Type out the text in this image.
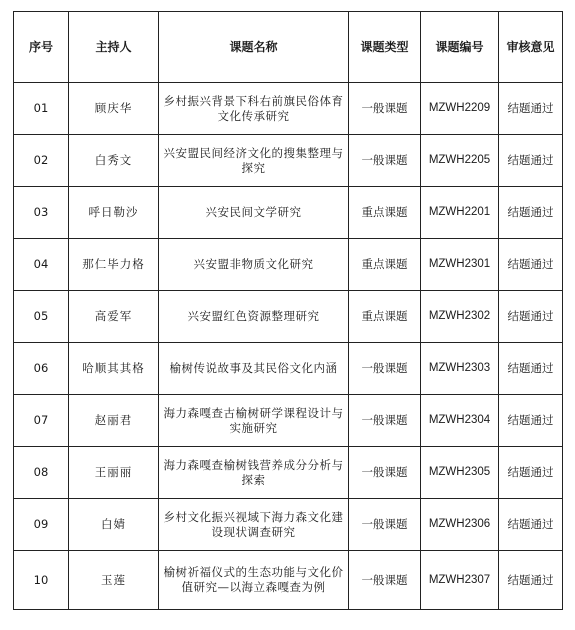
序号	主持人	课题名称	课题类型	课题编号	审核意见
01	顾庆华	乡村振兴背景下科右前旗民俗体育文化传承研究	一般课题	MZWH2209	结题通过
02	白秀文	兴安盟民间经济文化的搜集整理与探究	一般课题	MZWH2205	结题通过
03	呼日勒沙	兴安民间文学研究	重点课题	MZWH2201	结题通过
04	那仁毕力格	兴安盟非物质文化研究	重点课题	MZWH2301	结题通过
05	高爱军	兴安盟红色资源整理研究	重点课题	MZWH2302	结题通过
06	哈顺其其格	榆树传说故事及其民俗文化内涵	一般课题	MZWH2303	结题通过
07	赵丽君	海力森嘎查古榆树研学课程设计与实施研究	一般课题	MZWH2304	结题通过
08	王丽丽	海力森嘎查榆树钱营养成分分析与探索	一般课题	MZWH2305	结题通过
09	白婧	乡村文化振兴视域下海力森文化建设现状调查研究	一般课题	MZWH2306	结题通过
10	玉莲	榆树祈福仪式的生态功能与文化价值研究—以海立森嘎查为例	一般课题	MZWH2307	结题通过
